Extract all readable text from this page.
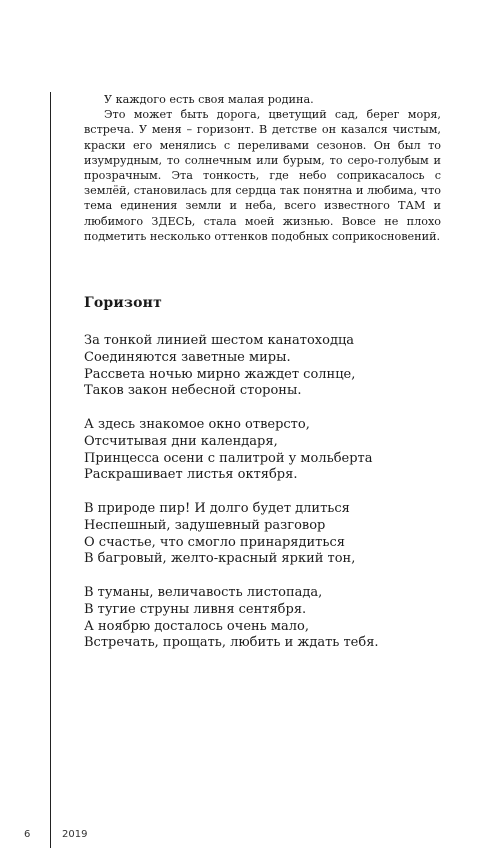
У каждого есть своя малая родина.

Это может быть дорога, цветущий сад, берег моря, встреча. У меня – горизонт. В детстве он казался чистым, краски его менялись с переливами сезонов. Он был то изумрудным, то солнечным или бурым, то серо-голубым и прозрачным. Эта тонкость, где небо соприкасалось с землёй, становилась для сердца так понятна и любима, что тема единения земли и неба, всего известного ТАМ и любимого ЗДЕСЬ, стала моей жизнью. Вовсе не плохо подметить несколько оттенков подобных соприкосновений.

Горизонт
За тонкой линией шестом канатоходца
Соединяются заветные миры.
Рассвета ночью мирно жаждет солнце,
Таков закон небесной стороны.
А здесь знакомое окно отверсто,
Отсчитывая дни календаря,
Принцесса осени с палитрой у мольберта
Раскрашивает листья октября.
В природе пир! И долго будет длиться
Неспешный, задушевный разговор
О счастье, что смогло принарядиться
В багровый, желто-красный яркий тон,
В туманы, величавость листопада,
В тугие струны ливня сентября.
А ноябрю досталось очень мало,
Встречать, прощать, любить и ждать тебя.
6	2019
